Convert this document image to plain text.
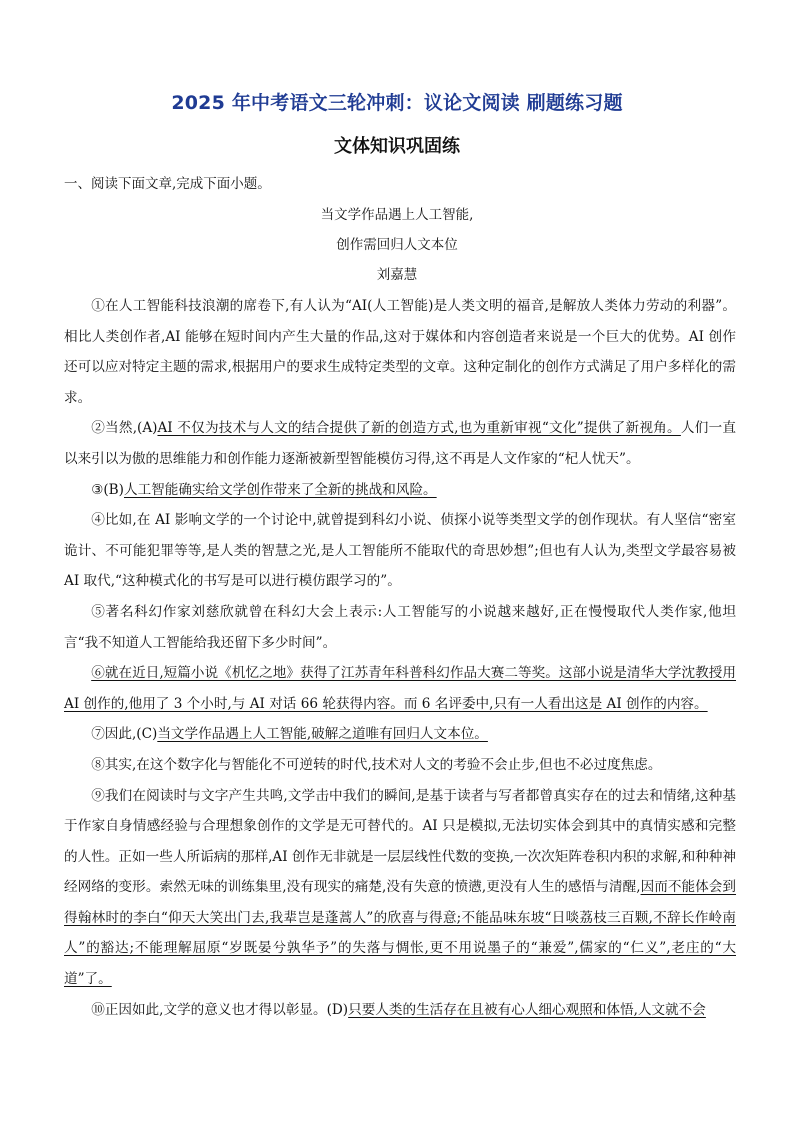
2025 年中考语文三轮冲刺：议论文阅读 刷题练习题
文体知识巩固练
一、阅读下面文章,完成下面小题。
当文学作品遇上人工智能,
创作需回归人文本位
刘嘉慧

①在人工智能科技浪潮的席卷下,有人认为“AI(人工智能)是人类文明的福音,是解放人类体力劳动的利器”。相比人类创作者,AI 能够在短时间内产生大量的作品,这对于媒体和内容创造者来说是一个巨大的优势。AI 创作还可以应对特定主题的需求,根据用户的要求生成特定类型的文章。这种定制化的创作方式满足了用户多样化的需求。

②当然,(A)AI 不仅为技术与人文的结合提供了新的创造方式,也为重新审视“文化”提供了新视角。人们一直以来引以为傲的思维能力和创作能力逐渐被新型智能模仿习得,这不再是人文作家的“杞人忧天”。

③(B)人工智能确实给文学创作带来了全新的挑战和风险。

④比如,在 AI 影响文学的一个讨论中,就曾提到科幻小说、侦探小说等类型文学的创作现状。有人坚信“密室诡计、不可能犯罪等等,是人类的智慧之光,是人工智能所不能取代的奇思妙想”;但也有人认为,类型文学最容易被 AI 取代,“这种模式化的书写是可以进行模仿跟学习的”。

⑤著名科幻作家刘慈欣就曾在科幻大会上表示:人工智能写的小说越来越好,正在慢慢取代人类作家,他坦言“我不知道人工智能给我还留下多少时间”。

⑥就在近日,短篇小说《机忆之地》获得了江苏青年科普科幻作品大赛二等奖。这部小说是清华大学沈教授用 AI 创作的,他用了 3 个小时,与 AI 对话 66 轮获得内容。而 6 名评委中,只有一人看出这是 AI 创作的内容。

⑦因此,(C)当文学作品遇上人工智能,破解之道唯有回归人文本位。

⑧其实,在这个数字化与智能化不可逆转的时代,技术对人文的考验不会止步,但也不必过度焦虑。

⑨我们在阅读时与文字产生共鸣,文学击中我们的瞬间,是基于读者与写者都曾真实存在的过去和情绪,这种基于作家自身情感经验与合理想象创作的文学是无可替代的。AI 只是模拟,无法切实体会到其中的真情实感和完整的人性。正如一些人所诟病的那样,AI 创作无非就是一层层线性代数的变换,一次次矩阵卷积内积的求解,和种种神经网络的变形。索然无味的训练集里,没有现实的痛楚,没有失意的愤懑,更没有人生的感悟与清醒,因而不能体会到得翰林时的李白“仰天大笑出门去,我辈岂是蓬蒿人”的欣喜与得意;不能品味东坡“日啖荔枝三百颗,不辞长作岭南人”的豁达;不能理解屈原“岁既晏兮孰华予”的失落与惆怅,更不用说墨子的“兼爱”,儒家的“仁义”,老庄的“大道”了。

⑩正因如此,文学的意义也才得以彰显。(D)只要人类的生活存在且被有心人细心观照和体悟,人文就不会
